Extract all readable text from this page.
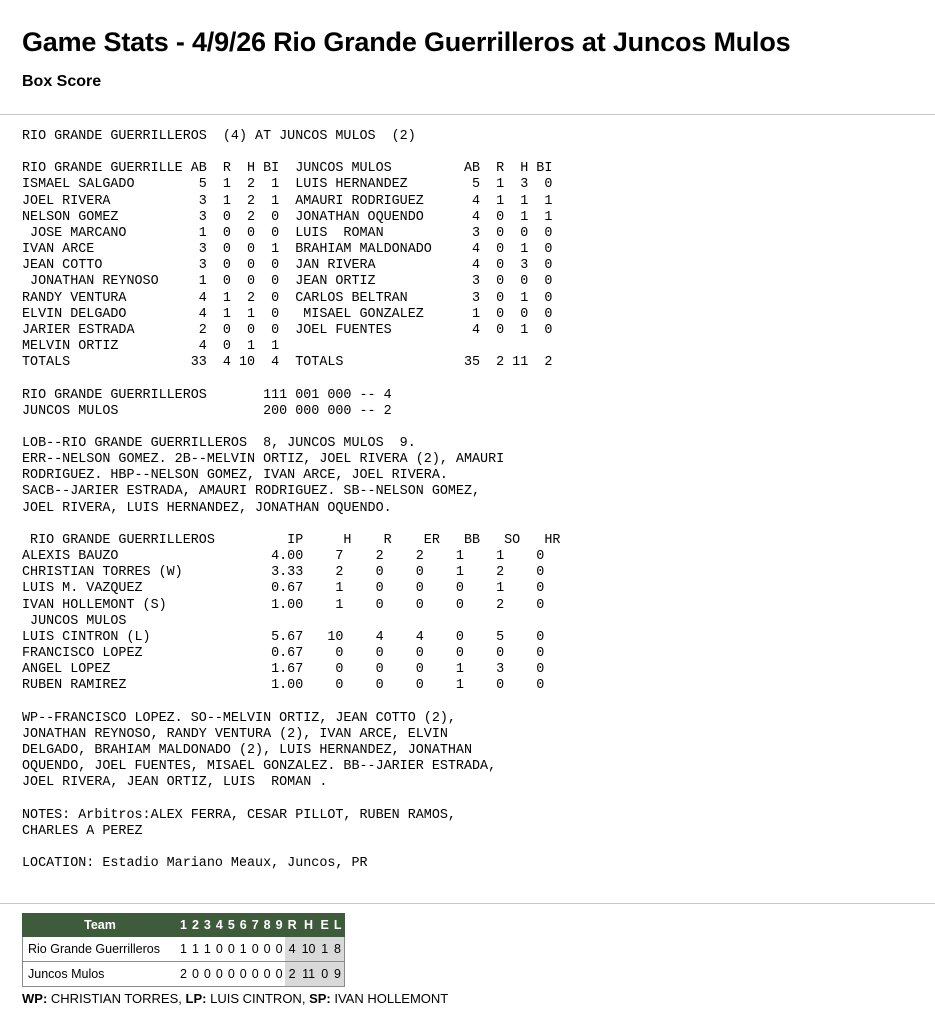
Game Stats - 4/9/26 Rio Grande Guerrilleros at Juncos Mulos
Box Score
RIO GRANDE GUERRILLEROS  (4) AT JUNCOS MULOS  (2)

RIO GRANDE GUERRILLE AB  R  H BI  JUNCOS MULOS         AB  R  H BI
ISMAEL SALGADO        5  1  2  1  LUIS HERNANDEZ        5  1  3  0
JOEL RIVERA           3  1  2  1  AMAURI RODRIGUEZ      4  1  1  1
NELSON GOMEZ          3  0  2  0  JONATHAN OQUENDO      4  0  1  1
JOSE MARCANO         1  0  0  0  LUIS  ROMAN           3  0  0  0
IVAN ARCE             3  0  0  1  BRAHIAM MALDONADO     4  0  1  0
JEAN COTTO            3  0  0  0  JAN RIVERA            4  0  3  0
JONATHAN REYNOSO     1  0  0  0  JEAN ORTIZ            3  0  0  0
RANDY VENTURA         4  1  2  0  CARLOS BELTRAN        3  0  1  0
ELVIN DELGADO         4  1  1  0   MISAEL GONZALEZ      1  0  0  0
JARIER ESTRADA        2  0  0  0  JOEL FUENTES          4  0  1  0
MELVIN ORTIZ          4  0  1  1
TOTALS               33  4 10  4  TOTALS               35  2 11  2

RIO GRANDE GUERRILLEROS       111 001 000 -- 4
JUNCOS MULOS                  200 000 000 -- 2

LOB--RIO GRANDE GUERRILLEROS  8, JUNCOS MULOS  9.
ERR--NELSON GOMEZ. 2B--MELVIN ORTIZ, JOEL RIVERA (2), AMAURI
RODRIGUEZ. HBP--NELSON GOMEZ, IVAN ARCE, JOEL RIVERA.
SACB--JARIER ESTRADA, AMAURI RODRIGUEZ. SB--NELSON GOMEZ,
JOEL RIVERA, LUIS HERNANDEZ, JONATHAN OQUENDO.

RIO GRANDE GUERRILLEROS         IP     H    R    ER   BB   SO   HR
ALEXIS BAUZO                   4.00    7    2    2    1    1    0
CHRISTIAN TORRES (W)           3.33    2    0    0    1    2    0
LUIS M. VAZQUEZ                0.67    1    0    0    0    1    0
IVAN HOLLEMONT (S)             1.00    1    0    0    0    2    0
JUNCOS MULOS
LUIS CINTRON (L)               5.67   10    4    4    0    5    0
FRANCISCO LOPEZ                0.67    0    0    0    0    0    0
ANGEL LOPEZ                    1.67    0    0    0    1    3    0
RUBEN RAMIREZ                  1.00    0    0    0    1    0    0

WP--FRANCISCO LOPEZ. SO--MELVIN ORTIZ, JEAN COTTO (2),
JONATHAN REYNOSO, RANDY VENTURA (2), IVAN ARCE, ELVIN
DELGADO, BRAHIAM MALDONADO (2), LUIS HERNANDEZ, JONATHAN
OQUENDO, JOEL FUENTES, MISAEL GONZALEZ. BB--JARIER ESTRADA,
JOEL RIVERA, JEAN ORTIZ, LUIS  ROMAN .

NOTES: Arbitros:ALEX FERRA, CESAR PILLOT, RUBEN RAMOS,
CHARLES A PEREZ

LOCATION: Estadio Mariano Meaux, Juncos, PR
Team	1	2	3	4	5	6	7	8	9	R	H	E	L
Rio Grande Guerrilleros	1	1	1	0	0	1	0	0	0	4	10	1	8
Juncos Mulos	2	0	0	0	0	0	0	0	0	2	11	0	9
WP: CHRISTIAN TORRES, LP: LUIS CINTRON, SP: IVAN HOLLEMONT
